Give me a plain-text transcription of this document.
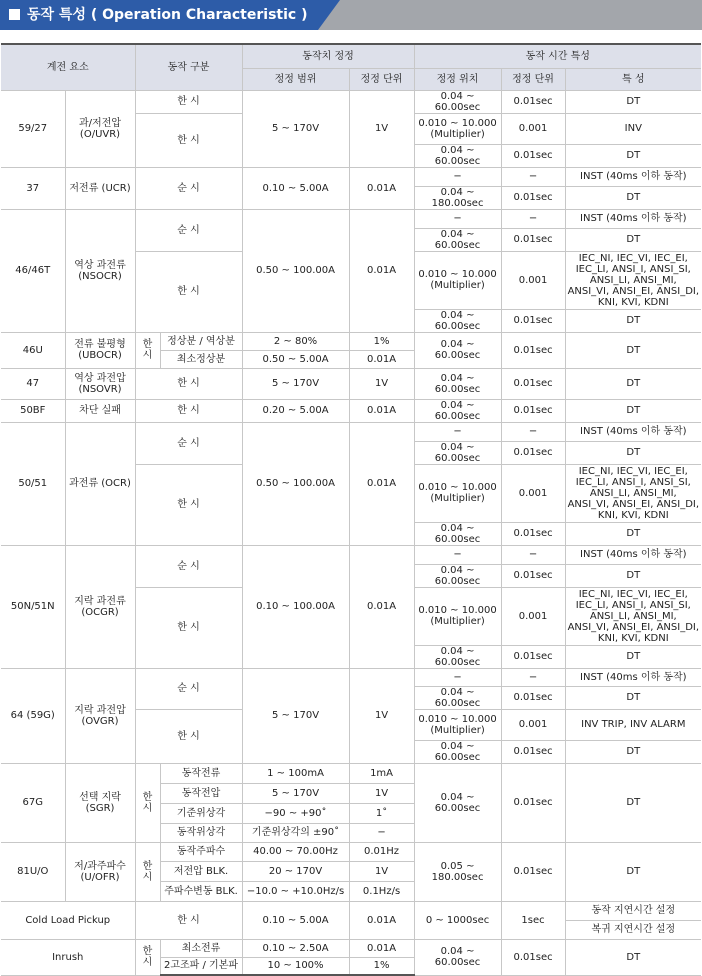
동작 특성 ( Operation Characteristic )
계전 요소		동작 구분		동작치 정정		동작 시간 특성		
				정정 범위	정정 단위	정정 위치	정정 단위	특 성
59/27	과/저전압 (O/UVR)	한 시		5 ~ 170V	1V	0.04 ~ 60.00sec	0.01sec	DT
		한 시				0.010 ~ 10.000 (Multiplier)	0.001	INV
						0.04 ~ 60.00sec	0.01sec	DT
37	저전류 (UCR)	순 시		0.10 ~ 5.00A	0.01A	−	−	INST (40ms 이하 동작)
						0.04 ~ 180.00sec	0.01sec	DT
46/46T	역상 과전류 (NSOCR)	순 시		0.50 ~ 100.00A	0.01A	−	−	INST (40ms 이하 동작)
						0.04 ~ 60.00sec	0.01sec	DT
		한 시				0.010 ~ 10.000 (Multiplier)	0.001	IEC_NI, IEC_VI, IEC_EI, IEC_LI, ANSI_I, ANSI_SI, ANSI_LI, ANSI_MI, ANSI_VI, ANSI_EI, ANSI_DI, KNI, KVI, KDNI
						0.04 ~ 60.00sec	0.01sec	DT
46U	전류 불평형 (UBOCR)	한 시	정상분 / 역상분	2 ~ 80%	1%	0.04 ~ 60.00sec	0.01sec	DT
			최소정상분	0.50 ~ 5.00A	0.01A			
47	역상 과전압 (NSOVR)	한 시		5 ~ 170V	1V	0.04 ~ 60.00sec	0.01sec	DT
50BF	차단 실패	한 시		0.20 ~ 5.00A	0.01A	0.04 ~ 60.00sec	0.01sec	DT
50/51	과전류 (OCR)	순 시		0.50 ~ 100.00A	0.01A	−	−	INST (40ms 이하 동작)
						0.04 ~ 60.00sec	0.01sec	DT
		한 시				0.010 ~ 10.000 (Multiplier)	0.001	IEC_NI, IEC_VI, IEC_EI, IEC_LI, ANSI_I, ANSI_SI, ANSI_LI, ANSI_MI, ANSI_VI, ANSI_EI, ANSI_DI, KNI, KVI, KDNI
						0.04 ~ 60.00sec	0.01sec	DT
50N/51N	지락 과전류 (OCGR)	순 시		0.10 ~ 100.00A	0.01A	−	−	INST (40ms 이하 동작)
						0.04 ~ 60.00sec	0.01sec	DT
		한 시				0.010 ~ 10.000 (Multiplier)	0.001	IEC_NI, IEC_VI, IEC_EI, IEC_LI, ANSI_I, ANSI_SI, ANSI_LI, ANSI_MI, ANSI_VI, ANSI_EI, ANSI_DI, KNI, KVI, KDNI
						0.04 ~ 60.00sec	0.01sec	DT
64 (59G)	지락 과전압 (OVGR)	순 시		5 ~ 170V	1V	−	−	INST (40ms 이하 동작)
						0.04 ~ 60.00sec	0.01sec	DT
		한 시				0.010 ~ 10.000 (Multiplier)	0.001	INV TRIP, INV ALARM
						0.04 ~ 60.00sec	0.01sec	DT
67G	선택 지락 (SGR)	한 시	동작전류	1 ~ 100mA	1mA	0.04 ~ 60.00sec	0.01sec	DT
			동작전압	5 ~ 170V	1V			
			기준위상각	−90 ~ +90˚	1˚			
			동작위상각	기준위상각의 ±90˚	−			
81U/O	저/과주파수 (U/OFR)	한 시	동작주파수	40.00 ~ 70.00Hz	0.01Hz	0.05 ~ 180.00sec	0.01sec	DT
			저전압 BLK.	20 ~ 170V	1V			
			주파수변동 BLK.	−10.0 ~ +10.0Hz/s	0.1Hz/s			
Cold Load Pickup		한 시		0.10 ~ 5.00A	0.01A	0 ~ 1000sec	1sec	동작 지연시간 설정
								복귀 지연시간 설정
Inrush		한 시	최소전류	0.10 ~ 2.50A	0.01A	0.04 ~ 60.00sec	0.01sec	DT
			2고조파 / 기본파	10 ~ 100%	1%			
